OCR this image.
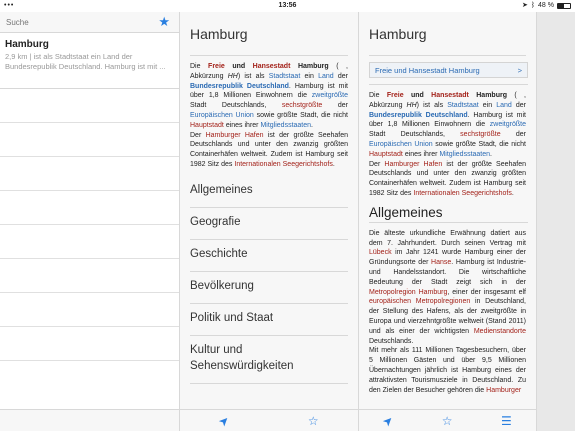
•••	13:56	➤ ᛒ 48 %
Suche
★
Hamburg
2,9 km | ist als Stadtstaat ein Land der Bundesrepublik Deutschland. Hamburg ist mit ...
Hamburg
Die Freie und Hansestadt Hamburg ( , Abkürzung HH) ist als Stadtstaat ein Land der Bundesrepublik Deutschland. Hamburg ist mit über 1,8 Millionen Einwohnern die zweitgrößte Stadt Deutschlands, sechstgrößte der Europäischen Union sowie größte Stadt, die nicht Hauptstadt eines ihrer Mitgliedsstaaten.
Der Hamburger Hafen ist der größte Seehafen Deutschlands und unter den zwanzig größten Containerhäfen weltweit. Zudem ist Hamburg seit 1982 Sitz des Internationalen Seegerichtshofs.
Allgemeines
Geografie
Geschichte
Bevölkerung
Politik und Staat
Kultur und Sehenswürdigkeiten
➤	☆
Hamburg
Freie und Hansestadt Hamburg	>
Die Freie und Hansestadt Hamburg ( , Abkürzung HH) ist als Stadtstaat ein Land der Bundesrepublik Deutschland. Hamburg ist mit über 1,8 Millionen Einwohnern die zweitgrößte Stadt Deutschlands, sechstgrößte der Europäischen Union sowie größte Stadt, die nicht Hauptstadt eines ihrer Mitgliedsstaaten.
Der Hamburger Hafen ist der größte Seehafen Deutschlands und unter den zwanzig größten Containerhäfen weltweit. Zudem ist Hamburg seit 1982 Sitz des Internationalen Seegerichtshofs.
Allgemeines
Die älteste urkundliche Erwähnung datiert aus dem 7. Jahrhundert. Durch seinen Vertrag mit Lübeck im Jahr 1241 wurde Hamburg einer der Gründungsorte der Hanse. Hamburg ist Industrie- und Handelsstandort. Die wirtschaftliche Bedeutung der Stadt zeigt sich in der Metropolregion Hamburg, einer der insgesamt elf europäischen Metropolregionen in Deutschland, der Stellung des Hafens, als der zweitgrößte in Europa und vierzehntgrößte weltweit (Stand 2011) und als einer der wichtigsten Medienstandorte Deutschlands.
Mit mehr als 111 Millionen Tagesbesuchern, über 5 Millionen Gästen und über 9,5 Millionen Übernachtungen jährlich ist Hamburg eines der attraktivsten Tourismusziele in Deutschland. Zu den Zielen der Besucher gehören die Hamburger
➤	☆	☰
